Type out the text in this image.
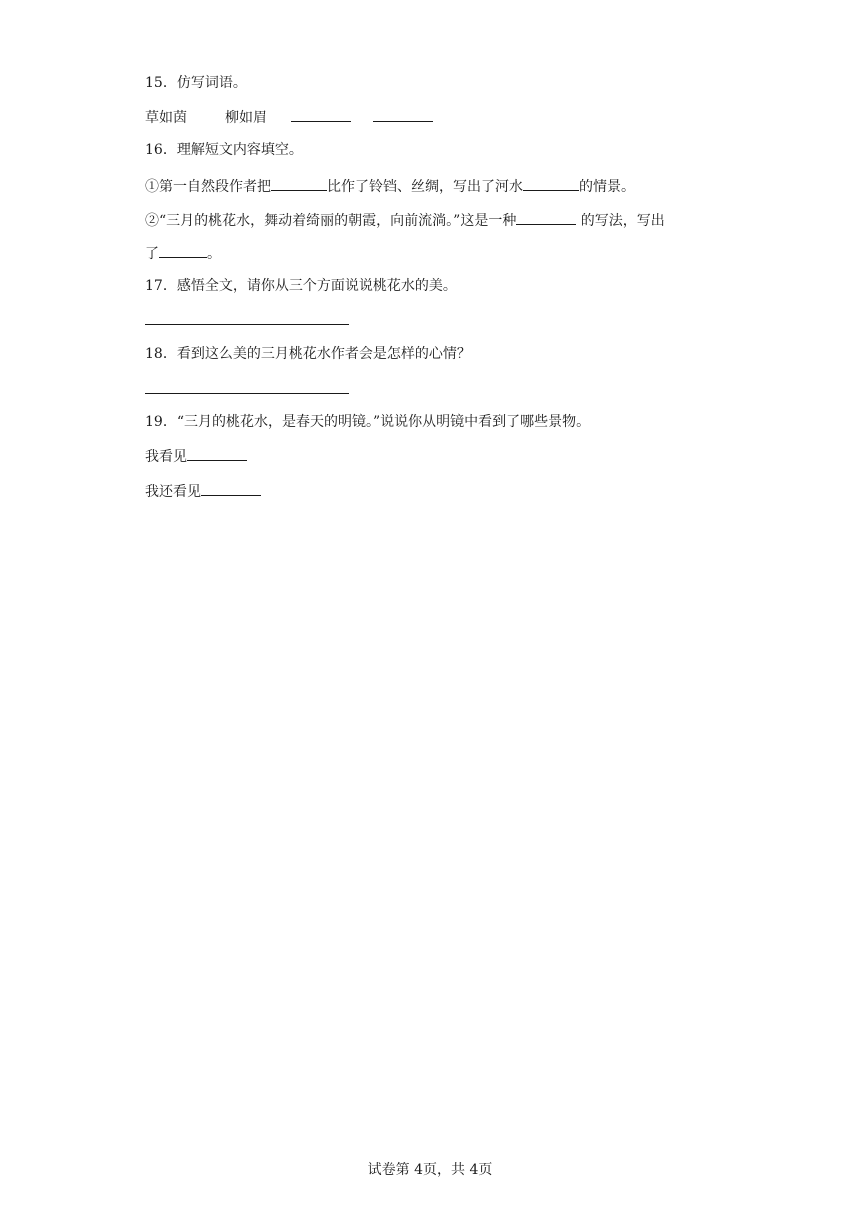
15．仿写词语。
草如茵	柳如眉
16．理解短文内容填空。
①第一自然段作者把	比作了铃铛、丝绸，写出了河水	的情景。
②“三月的桃花水，舞动着绮丽的朝霞，向前流淌。”这是一种	的写法，写出
了	。
17．感悟全文，请你从三个方面说说桃花水的美。
18．看到这么美的三月桃花水作者会是怎样的心情？
19．“三月的桃花水，是春天的明镜。”说说你从明镜中看到了哪些景物。
我看见
我还看见
试卷第 4页，共 4页
